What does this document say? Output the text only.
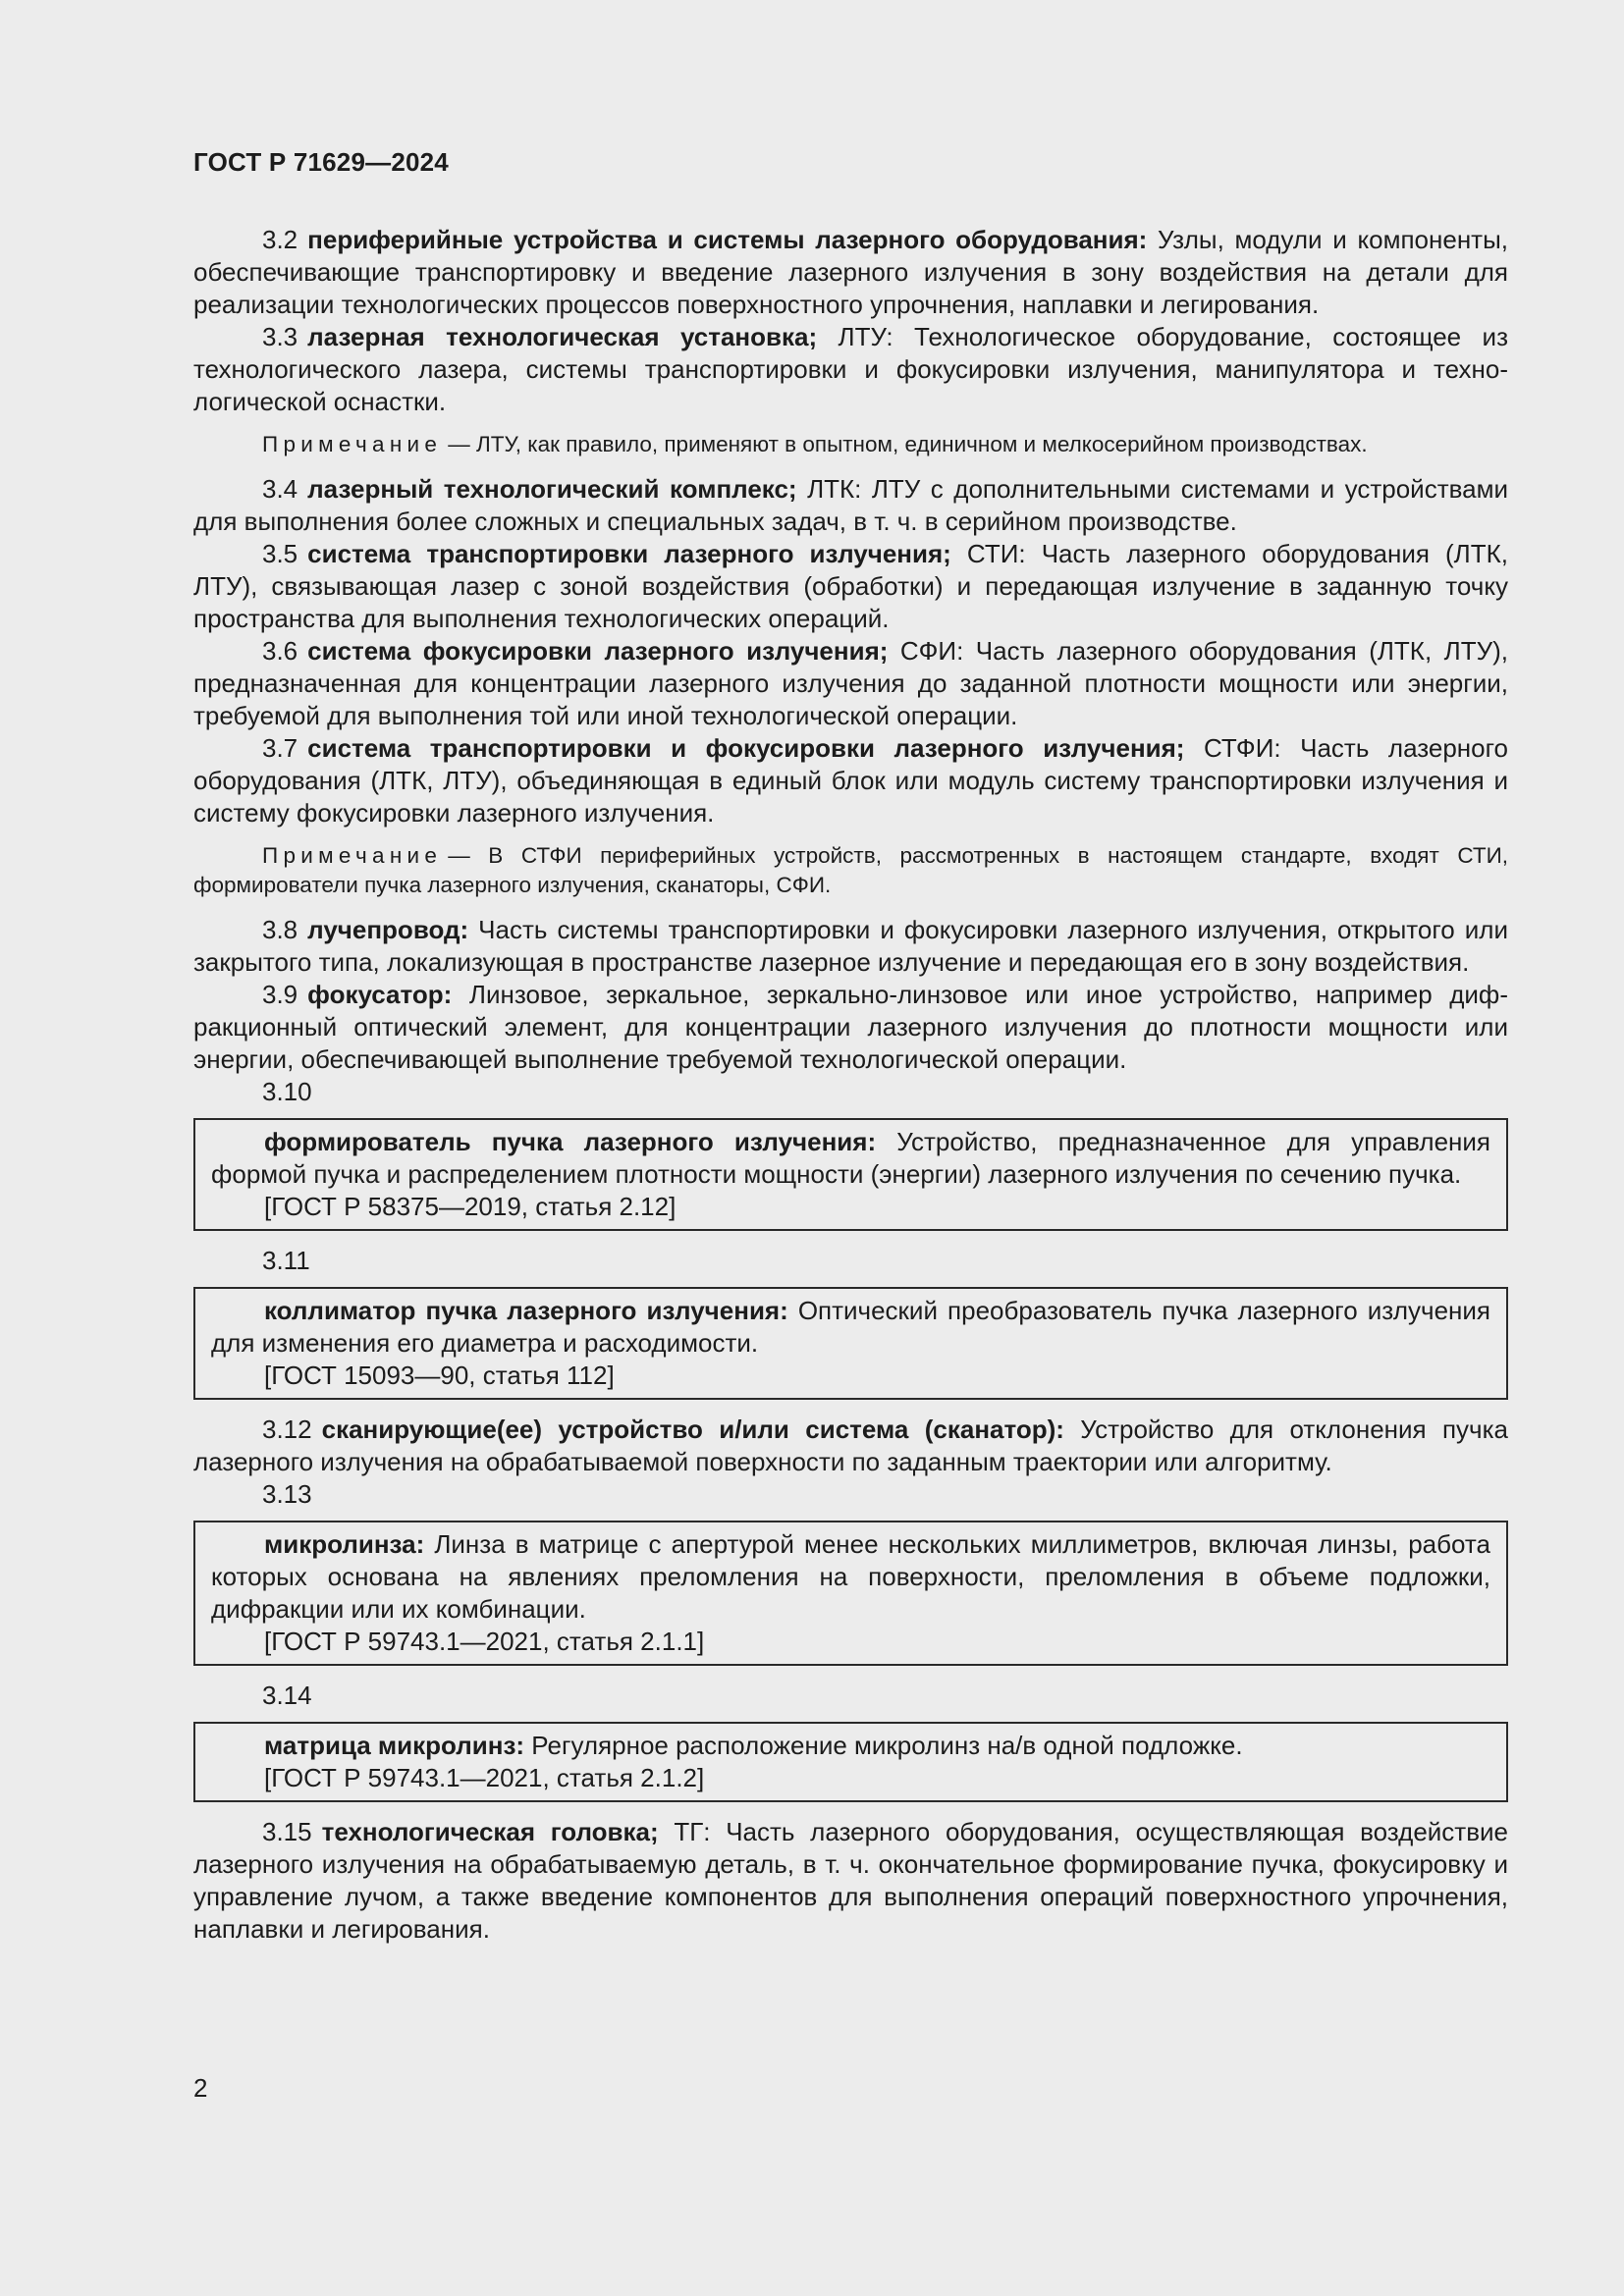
ГОСТ Р 71629—2024

3.2 периферийные устройства и системы лазерного оборудования: Узлы, модули и компоненты, обеспечивающие транспортировку и введение лазерного излучения в зону воздействия на детали для реализации технологических процессов поверхностного упрочнения, наплавки и легирования.

3.3 лазерная технологическая установка; ЛТУ: Технологическое оборудование, состоящее из технологического лазера, системы транспортировки и фокусировки излучения, манипулятора и технологической оснастки.

Примечание — ЛТУ, как правило, применяют в опытном, единичном и мелкосерийном производствах.

3.4 лазерный технологический комплекс; ЛТК: ЛТУ с дополнительными системами и устройствами для выполнения более сложных и специальных задач, в т. ч. в серийном производстве.

3.5 система транспортировки лазерного излучения; СТИ: Часть лазерного оборудования (ЛТК, ЛТУ), связывающая лазер с зоной воздействия (обработки) и передающая излучение в заданную точку пространства для выполнения технологических операций.

3.6 система фокусировки лазерного излучения; СФИ: Часть лазерного оборудования (ЛТК, ЛТУ), предназначенная для концентрации лазерного излучения до заданной плотности мощности или энергии, требуемой для выполнения той или иной технологической операции.

3.7 система транспортировки и фокусировки лазерного излучения; СТФИ: Часть лазерного оборудования (ЛТК, ЛТУ), объединяющая в единый блок или модуль систему транспортировки излучения и систему фокусировки лазерного излучения.

Примечание — В СТФИ периферийных устройств, рассмотренных в настоящем стандарте, входят СТИ, формирователи пучка лазерного излучения, сканаторы, СФИ.

3.8 лучепровод: Часть системы транспортировки и фокусировки лазерного излучения, открытого или закрытого типа, локализующая в пространстве лазерное излучение и передающая его в зону воздействия.

3.9 фокусатор: Линзовое, зеркальное, зеркально-линзовое или иное устройство, например дифракционный оптический элемент, для концентрации лазерного излучения до плотности мощности или энергии, обеспечивающей выполнение требуемой технологической операции.

3.10

формирователь пучка лазерного излучения: Устройство, предназначенное для управления формой пучка и распределением плотности мощности (энергии) лазерного излучения по сечению пучка.

[ГОСТ Р 58375—2019, статья 2.12]

3.11

коллиматор пучка лазерного излучения: Оптический преобразователь пучка лазерного излучения для изменения его диаметра и расходимости.

[ГОСТ 15093—90, статья 112]

3.12 сканирующие(ее) устройство и/или система (сканатор): Устройство для отклонения пучка лазерного излучения на обрабатываемой поверхности по заданным траектории или алгоритму.

3.13

микролинза: Линза в матрице с апертурой менее нескольких миллиметров, включая линзы, работа которых основана на явлениях преломления на поверхности, преломления в объеме подложки, дифракции или их комбинации.

[ГОСТ Р 59743.1—2021, статья 2.1.1]

3.14

матрица микролинз: Регулярное расположение микролинз на/в одной подложке.

[ГОСТ Р 59743.1—2021, статья 2.1.2]

3.15 технологическая головка; ТГ: Часть лазерного оборудования, осуществляющая воздействие лазерного излучения на обрабатываемую деталь, в т. ч. окончательное формирование пучка, фокусировку и управление лучом, а также введение компонентов для выполнения операций поверхностного упрочнения, наплавки и легирования.

2
